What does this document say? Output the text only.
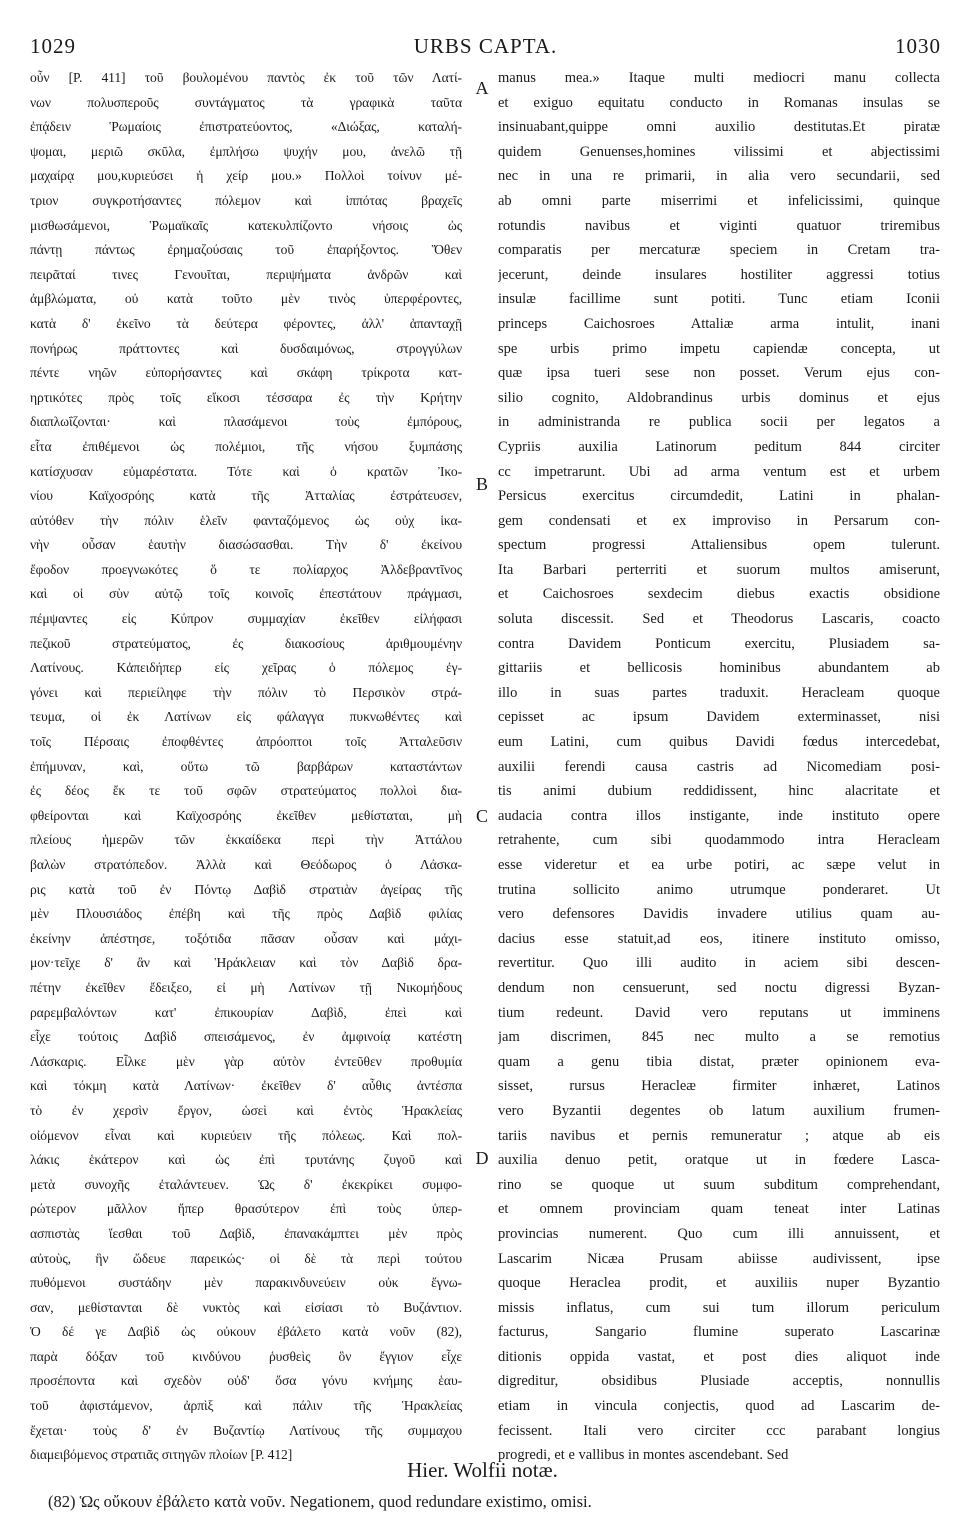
1029	URBS CAPTA.	1030
οὖν [P. 411] τοῦ βουλομένου παντὸς ἐκ τοῦ τῶν Λατί-
νων πολυσπερoῦς συντάγματος τὰ γραφικὰ ταῦτα
ἐπᾴδειν Ῥωμαίοις ἐπιστρατεύοντος, «Διώξας, καταλή-
ψομαι, μεριῶ σκῦλα, ἐμπλήσω ψυχήν μου, ἀνελῶ τῇ
μαχαίρᾳ μου,κυριεύσει ἡ χείρ μου.» Πολλοὶ τοίνυν μέ-
τριον συγκροτήσαντες πόλεμον καὶ ἱππότας βραχεῖς
μισθωσάμενοι, Ῥωμαϊκαῖς κατεκυλπίζοντο νήσοις ὡς
πάντῃ πάντως ἐρημαζούσαις τοῦ ἐπαρήξοντος. Ὅθεν
πειρᾶταί τινες Γενουῖται, περιψήματα ἀνδρῶν καὶ
ἀμβλώματα, οὐ κατὰ τοῦτο μὲν τινὸς ὑπερφέροντες,
κατὰ δ' ἐκεῖνο τὰ δεύτερα φέροντες, ἀλλ' ἁπανταχῇ
πονήρως πράττοντες καὶ δυσδαιμόνως, στρογγύλων
πέντε νηῶν εὐπορήσαντες καὶ σκάφη τρίκροτα κατ-
ηρτικότες πρὸς τοῖς εἴκοσι τέσσαρα ἐς τὴν Κρήτην
διαπλωΐζονται· καὶ πλασάμενοι τοὺς ἐμπόρους,
εἶτα ἐπιθέμενοι ὡς πολέμιοι, τῆς νήσου ξυμπάσης
κατίσχυσαν εὐμαρέστατα. Τότε καὶ ὁ κρατῶν Ἰκο-
νίου Καϊχοσρόης κατὰ τῆς Ἀτταλίας ἐστράτευσεν,
αὐτόθεν τὴν πόλιν ἑλεῖν φανταζόμενος ὡς οὐχ ἱκα-
νὴν οὖσαν ἑαυτὴν διασώσασθαι. Τὴν δ' ἐκείνου
ἔφοδον προεγνωκότες ὅ τε πολίαρχος Ἀλδεβραντῖνος
καὶ οἱ σὺν αὐτῷ τοῖς κοινοῖς ἐπεστάτουν πράγμασι,
πέμψαντες εἰς Κύπρον συμμαχίαν ἐκεῖθεν εἰλήφασι
πεζικοῦ στρατεύματος, ἐς διακοσίους ἀριθμουμένην
Λατίνους. Κἀπειδήπερ εἰς χεῖρας ὁ πόλεμος ἐγ-
γόνει καὶ περιείληφε τὴν πόλιν τὸ Περσικὸν στρά-
τευμα, οἱ ἐκ Λατίνων εἰς φάλαγγα πυκνωθέντες καὶ
τοῖς Πέρσαις ἐποφθέντες ἀπρόοπτοι τοῖς Ἀτταλεῦσιν
ἐπήμυναν, καὶ, οὕτω τῶ βαρβάρων καταστάντων
ἐς δέος ἔκ τε τοῦ σφῶν στρατεύματος πολλοὶ δια-
φθείρονται καὶ Καϊχοσρόης ἐκεῖθεν μεθίσταται, μὴ
πλείους ἡμερῶν τῶν ἑκκαίδεκα περὶ τὴν Ἀττάλου
βαλὼν στρατόπεδον. Ἀλλὰ καὶ Θεόδωρος ὁ Λάσκα-
ρις κατὰ τοῦ ἐν Πόντῳ Δαβὶδ στρατιὰν ἀγείρας τῆς
μὲν Πλουσιάδος ἐπέβη καὶ τῆς πρὸς Δαβὶδ φιλίας
ἐκείνην ἀπέστησε, τοξότιδα πᾶσαν οὖσαν καὶ μάχι-
μον·τεῖχε δ' ἂν καὶ Ἡράκλειαν καὶ τὸν Δαβὶδ δρα-
πέτην ἐκεῖθεν ἔδειξεο, εἰ μὴ Λατίνων τῇ Νικομήδους
ραρεμβαλόντων κατ' ἐπικουρίαν Δαβὶδ, ἐπεὶ καὶ
εἶχε τούτοις Δαβὶδ σπεισάμενος, ἐν ἀμφινοίᾳ κατέστη
Λάσκαρις. Εἷλκε μὲν γὰρ αὐτὸν ἐντεῦθεν προθυμία
καὶ τόκμη κατὰ Λατίνων· ἐκεῖθεν δ' αὖθις ἀντέσπα
τὸ ἐν χερσὶν ἔργον, ὡσεὶ καὶ ἐντὸς Ἡρακλείας
οἰόμενον εἶναι καὶ κυριεύειν τῆς πόλεως. Καὶ πολ-
λάκις ἑκάτερον καὶ ὡς ἐπὶ τρυτάνης ζυγοῦ καὶ
μετὰ συνοχῆς ἐταλάντευεν. Ὡς δ' ἐκεκρίκει συμφο-
ρώτερον μᾶλλον ἤπερ θρασύτερον ἐπὶ τοὺς ὑπερ-
ασπιστὰς ἵεσθαι τοῦ Δαβὶδ, ἐπανακάμπτει μὲν πρὸς
αὐτοὺς, ἣν ὥδευε παρεικώς· οἱ δὲ τὰ περὶ τούτου
πυθόμενοι συστάδην μὲν παρακινδυνεύειν οὐκ ἔγνω-
σαν, μεθίστανται δὲ νυκτὸς καὶ εἰσίασι τὸ Βυζάντιον.
Ὁ δέ γε Δαβὶδ ὡς οὐκουν ἐβάλετο κατὰ νοῦν (82),
παρὰ δόξαν τοῦ κινδύνου ῥυσθεὶς ὃν ἔγγιον εἶχε
προσέποντα καὶ σχεδὸν οὐδ' ὅσα γόνυ κνήμης ἑαυ-
τοῦ ἀφιστάμενον, ἀρπὶξ καὶ πάλιν τῆς Ἡρακλείας
ἔχεται· τοὺς δ' ἐν Βυζαντίῳ Λατίνους τῆς συμμαχου
διαμειβόμενος στρατιᾶς σιτηγῶν πλοίων [P. 412]
A
B
C
D
manus mea.» Itaque multi mediocri manu collecta
et exiguo equitatu conducto in Romanas insulas se
insinuabant,quippe omni auxilio destitutas.Et piratæ
quidem Genuenses,homines vilissimi et abjectissimi
nec in una re primarii, in alia vero secundarii, sed
ab omni parte miserrimi et infelicissimi, quinque
rotundis navibus et viginti quatuor triremibus
comparatis per mercaturæ speciem in Cretam tra-
jecerunt, deinde insulares hostiliter aggressi totius
insulæ facillime sunt potiti. Tunc etiam Iconii
princeps Caichosroes Attaliæ arma intulit, inani
spe urbis primo impetu capiendæ concepta, ut
quæ ipsa tueri sese non posset. Verum ejus con-
silio cognito, Aldobrandinus urbis dominus et ejus
in administranda re publica socii per legatos a
Cypriis auxilia Latinorum peditum 844 circiter
cc impetrarunt. Ubi ad arma ventum est et urbem
Persicus exercitus circumdedit, Latini in phalan-
gem condensati et ex improviso in Persarum con-
spectum progressi Attaliensibus opem tulerunt.
Ita Barbari perterriti et suorum multos amiserunt,
et Caichosroes sexdecim diebus exactis obsidione
soluta discessit. Sed et Theodorus Lascaris, coacto
contra Davidem Ponticum exercitu, Plusiadem sa-
gittariis et bellicosis hominibus abundantem ab
illo in suas partes traduxit. Heracleam quoque
cepisset ac ipsum Davidem exterminasset, nisi
eum Latini, cum quibus Davidi fœdus intercedebat,
auxilii ferendi causa castris ad Nicomediam posi-
tis animi dubium reddidissent, hinc alacritate et
audacia contra illos instigante, inde instituto opere
retrahente, cum sibi quodammodo intra Heracleam
esse videretur et ea urbe potiri, ac sæpe velut in
trutina sollicito animo utrumque ponderaret. Ut
vero defensores Davidis invadere utilius quam au-
dacius esse statuit,ad eos, itinere instituto omisso,
revertitur. Quo illi audito in aciem sibi descen-
dendum non censuerunt, sed noctu digressi Byzan-
tium redeunt. David vero reputans ut imminens
jam discrimen, 845 nec multo a se remotius
quam a genu tibia distat, præter opinionem eva-
sisset, rursus Heracleæ firmiter inhæret, Latinos
vero Byzantii degentes ob latum auxilium frumen-
tariis navibus et pernis remuneratur ; atque ab eis
auxilia denuo petit, oratque ut in fœdere Lasca-
rino se quoque ut suum subditum comprehendant,
et omnem provinciam quam teneat inter Latinas
provincias numerent. Quo cum illi annuissent, et
Lascarim Nicæa Prusam abiisse audivissent, ipse
quoque Heraclea prodit, et auxiliis nuper Byzantio
missis inflatus, cum sui tum illorum periculum
facturus, Sangario flumine superato Lascarinæ
ditionis oppida vastat, et post dies aliquot inde
digreditur, obsidibus Plusiade acceptis, nonnullis
etiam in vincula conjectis, quod ad Lascarim de-
fecissent. Itali vero circiter ccc parabant longius
progredi, et e vallibus in montes ascendebant. Sed
Hier. Wolfii notæ.
(82) Ὡς οὔκουν ἐβάλετο κατὰ νοῦν. Negationem, quod redundare existimo, omisi.
